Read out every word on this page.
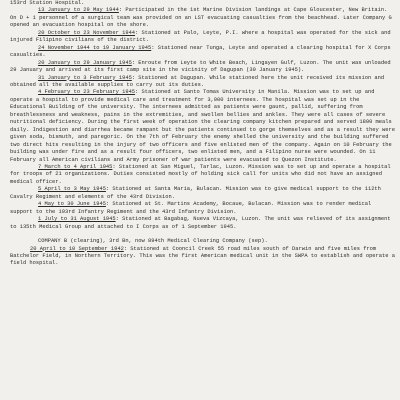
153rd Station Hospital.

13 January to 29 May 1944: Participated in the 1st Marine Division landings at Cape Gloucester, New Britain. On D + 1 personnel of a surgical team was provided on an LST evacuating casualties from the beachhead. Later Company G opened an evacuation hospital on the shore.

20 October to 23 November 1944: Stationed at Palo, Leyte, P.I. where a hospital was operated for the sick and injured Filipino civilians of the district.

24 November 1944 to 19 January 1945: Stationed near Tunga, Leyte and operated a clearing hospital for X Corps casualties.

20 January to 29 January 1945: Enroute from Leyte to White Beach, Lingayen Gulf, Luzon. The unit was unloaded 29 January and arrived at its first camp site in the vicinity of Dagupan (30 January 1945).

31 January to 3 February 1945: Stationed at Dagupan. While stationed here the unit received its mission and obtained all the available supplies to carry out its duties.

4 February to 23 February 1945: Stationed at Santo Tomas University in Manila. Mission was to set up and operate a hospital to provide medical care and treatment for 3,000 internees. The hospital was set up in the Educational Building of the university. The internees admitted as patients were gaunt, pallid, suffering from breathlessness and weakness, pains in the extremities, and swollen bellies and ankles. They were all cases of severe nutritional deficiency. During the first week of operation the clearing company kitchen prepared and served 1800 meals daily. Indigestion and diarrhea became rampant but the patients continued to gorge themselves and as a result they were given soda, bismuth, and paregoric. On the 7th of February the enemy shelled the university and the building suffered two direct hits resulting in the injury of two officers and five enlisted men of the company. Again on 10 February the building was under fire and as a result four officers, two enlisted men, and a Filipino nurse were wounded. On 11 February all American civilians and Army prisoner of war patients were evacuated to Quezon Institute.

7 March to 4 April 1945: Stationed at San Miguel, Tarlac, Luzon. Mission was to set up and operate a hospital for troops of 21 organizations. Duties consisted mostly of holding sick call for units who did not have an assigned medical officer.

5 April to 3 May 1945: Stationed at Santa Maria, Bulacan. Mission was to give medical support to the 112th Cavalry Regiment and elements of the 43rd Division.

4 May to 30 June 1945: Stationed at St. Martins Academy, Bocaue, Bulacan. Mission was to render medical support to the 103rd Infantry Regiment and the 43rd Infantry Division.

1 July to 31 August 1945: Stationed at Bagabag, Nueva Vizcaya, Luzon. The unit was relieved of its assignment to 135th Medical Group and attached to I Corps as of 1 September 1945.

COMPANY B (clearing), 3rd Bn, now 894th Medical Clearing Company (sep).

20 April to 10 September 1942: Stationed at Cooncil Creek 55 road miles south of Darwin and five miles from Batchelor Field, in Northern Territory. This was the first American medical unit in the SWPA to establish and operate a field hospital.
